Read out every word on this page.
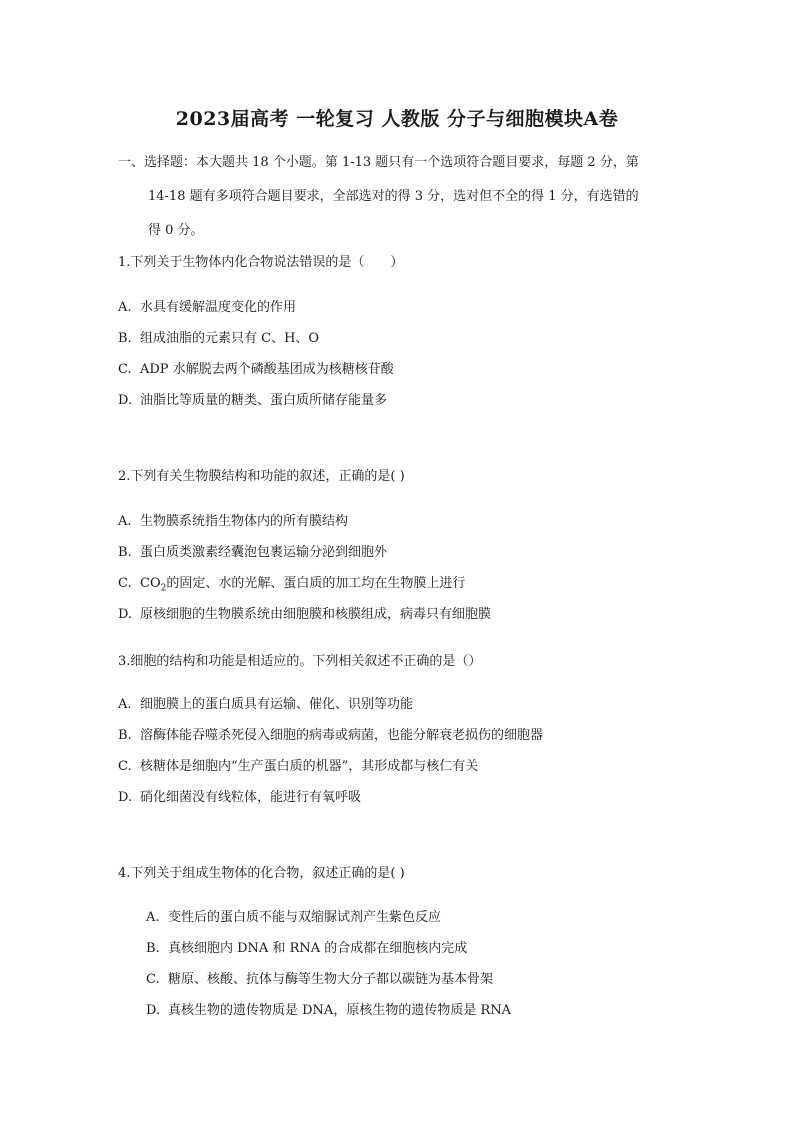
2023届高考 一轮复习 人教版 分子与细胞模块A卷
一、选择题：本大题共 18 个小题。第 1-13 题只有一个选项符合题目要求，每题 2 分，第
14-18 题有多项符合题目要求，全部选对的得 3 分，选对但不全的得 1 分，有选错的
得 0 分。
1.下列关于生物体内化合物说法错误的是（　　）
A. 水具有缓解温度变化的作用
B. 组成油脂的元素只有 C、H、O
C. ADP 水解脱去两个磷酸基团成为核糖核苷酸
D. 油脂比等质量的糖类、蛋白质所储存能量多
2.下列有关生物膜结构和功能的叙述，正确的是( )
A. 生物膜系统指生物体内的所有膜结构
B. 蛋白质类激素经囊泡包裹运输分泌到细胞外
C. $CO_2$的固定、水的光解、蛋白质的加工均在生物膜上进行
D. 原核细胞的生物膜系统由细胞膜和核膜组成，病毒只有细胞膜
3.细胞的结构和功能是相适应的。下列相关叙述不正确的是（）
A. 细胞膜上的蛋白质具有运输、催化、识别等功能
B. 溶酶体能吞噬杀死侵入细胞的病毒或病菌，也能分解衰老损伤的细胞器
C. 核糖体是细胞内“生产蛋白质的机器”，其形成都与核仁有关
D. 硝化细菌没有线粒体，能进行有氧呼吸
4.下列关于组成生物体的化合物，叙述正确的是( )
A. 变性后的蛋白质不能与双缩脲试剂产生紫色反应
B. 真核细胞内 DNA 和 RNA 的合成都在细胞核内完成
C. 糖原、核酸、抗体与酶等生物大分子都以碳链为基本骨架
D. 真核生物的遗传物质是 DNA，原核生物的遗传物质是 RNA
